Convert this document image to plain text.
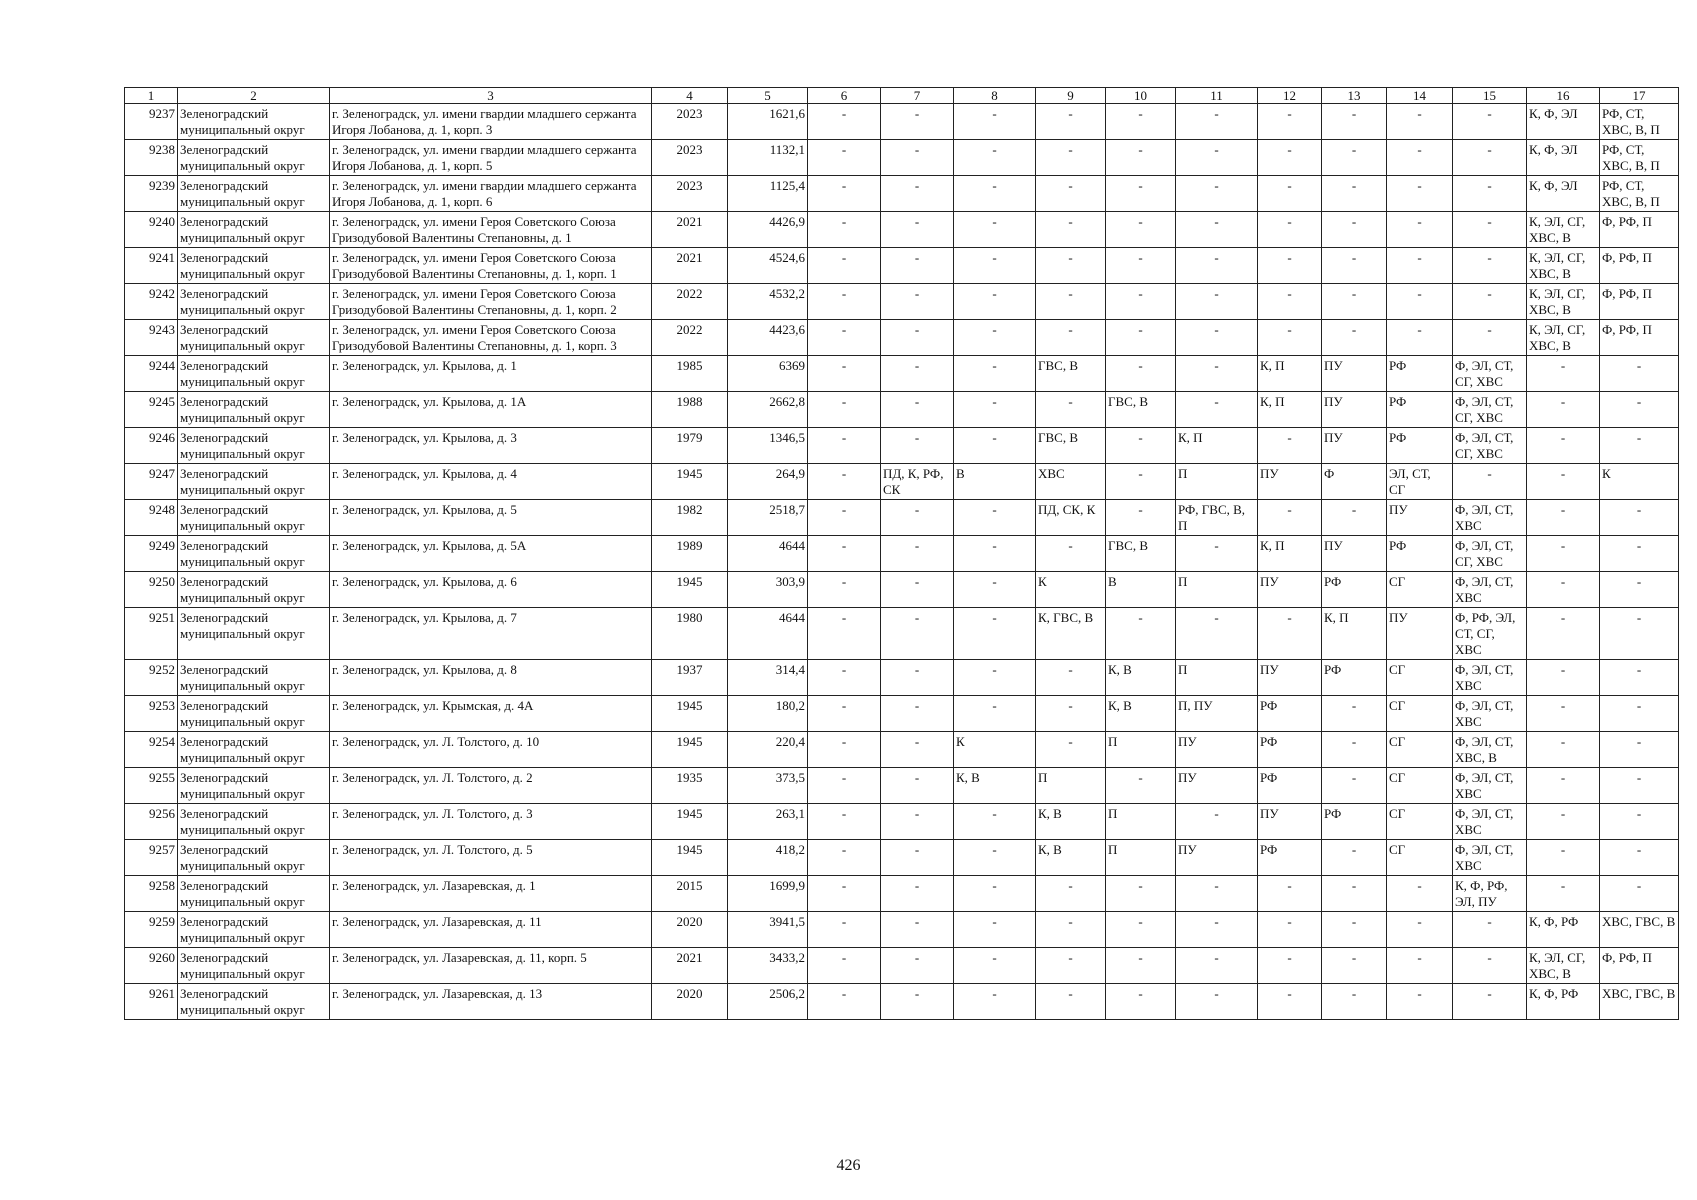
1	2	3	4	5	6	7	8	9	10	11	12	13	14	15	16	17
9237	Зеленоградский муниципальный округ	г. Зеленоградск, ул. имени гвардии младшего сержанта Игоря Лобанова, д. 1, корп. 3	2023	1621,6	-	-	-	-	-	-	-	-	-	-	К, Ф, ЭЛ	РФ, СТ, ХВС, В, П
9238	Зеленоградский муниципальный округ	г. Зеленоградск, ул. имени гвардии младшего сержанта Игоря Лобанова, д. 1, корп. 5	2023	1132,1	-	-	-	-	-	-	-	-	-	-	К, Ф, ЭЛ	РФ, СТ, ХВС, В, П
9239	Зеленоградский муниципальный округ	г. Зеленоградск, ул. имени гвардии младшего сержанта Игоря Лобанова, д. 1, корп. 6	2023	1125,4	-	-	-	-	-	-	-	-	-	-	К, Ф, ЭЛ	РФ, СТ, ХВС, В, П
9240	Зеленоградский муниципальный округ	г. Зеленоградск, ул. имени Героя Советского Союза Гризодубовой Валентины Степановны, д. 1	2021	4426,9	-	-	-	-	-	-	-	-	-	-	К, ЭЛ, СГ, ХВС, В	Ф, РФ, П
9241	Зеленоградский муниципальный округ	г. Зеленоградск, ул. имени Героя Советского Союза Гризодубовой Валентины Степановны, д. 1, корп. 1	2021	4524,6	-	-	-	-	-	-	-	-	-	-	К, ЭЛ, СГ, ХВС, В	Ф, РФ, П
9242	Зеленоградский муниципальный округ	г. Зеленоградск, ул. имени Героя Советского Союза Гризодубовой Валентины Степановны, д. 1, корп. 2	2022	4532,2	-	-	-	-	-	-	-	-	-	-	К, ЭЛ, СГ, ХВС, В	Ф, РФ, П
9243	Зеленоградский муниципальный округ	г. Зеленоградск, ул. имени Героя Советского Союза Гризодубовой Валентины Степановны, д. 1, корп. 3	2022	4423,6	-	-	-	-	-	-	-	-	-	-	К, ЭЛ, СГ, ХВС, В	Ф, РФ, П
9244	Зеленоградский муниципальный округ	г. Зеленоградск, ул. Крылова, д. 1	1985	6369	-	-	-	ГВС, В	-	-	К, П	ПУ	РФ	Ф, ЭЛ, СТ, СГ, ХВС	-	-
9245	Зеленоградский муниципальный округ	г. Зеленоградск, ул. Крылова, д. 1А	1988	2662,8	-	-	-	-	ГВС, В	-	К, П	ПУ	РФ	Ф, ЭЛ, СТ, СГ, ХВС	-	-
9246	Зеленоградский муниципальный округ	г. Зеленоградск, ул. Крылова, д. 3	1979	1346,5	-	-	-	ГВС, В	-	К, П	-	ПУ	РФ	Ф, ЭЛ, СТ, СГ, ХВС	-	-
9247	Зеленоградский муниципальный округ	г. Зеленоградск, ул. Крылова, д. 4	1945	264,9	-	ПД, К, РФ, СК	В	ХВС	-	П	ПУ	Ф	ЭЛ, СТ, СГ	-	-	К
9248	Зеленоградский муниципальный округ	г. Зеленоградск, ул. Крылова, д. 5	1982	2518,7	-	-	-	ПД, СК, К	-	РФ, ГВС, В, П	-	-	ПУ	Ф, ЭЛ, СТ, ХВС	-	-
9249	Зеленоградский муниципальный округ	г. Зеленоградск, ул. Крылова, д. 5А	1989	4644	-	-	-	-	ГВС, В	-	К, П	ПУ	РФ	Ф, ЭЛ, СТ, СГ, ХВС	-	-
9250	Зеленоградский муниципальный округ	г. Зеленоградск, ул. Крылова, д. 6	1945	303,9	-	-	-	К	В	П	ПУ	РФ	СГ	Ф, ЭЛ, СТ, ХВС	-	-
9251	Зеленоградский муниципальный округ	г. Зеленоградск, ул. Крылова, д. 7	1980	4644	-	-	-	К, ГВС, В	-	-	-	К, П	ПУ	Ф, РФ, ЭЛ, СТ, СГ, ХВС	-	-
9252	Зеленоградский муниципальный округ	г. Зеленоградск, ул. Крылова, д. 8	1937	314,4	-	-	-	-	К, В	П	ПУ	РФ	СГ	Ф, ЭЛ, СТ, ХВС	-	-
9253	Зеленоградский муниципальный округ	г. Зеленоградск, ул. Крымская, д. 4А	1945	180,2	-	-	-	-	К, В	П, ПУ	РФ	-	СГ	Ф, ЭЛ, СТ, ХВС	-	-
9254	Зеленоградский муниципальный округ	г. Зеленоградск, ул. Л. Толстого, д. 10	1945	220,4	-	-	К	-	П	ПУ	РФ	-	СГ	Ф, ЭЛ, СТ, ХВС, В	-	-
9255	Зеленоградский муниципальный округ	г. Зеленоградск, ул. Л. Толстого, д. 2	1935	373,5	-	-	К, В	П	-	ПУ	РФ	-	СГ	Ф, ЭЛ, СТ, ХВС	-	-
9256	Зеленоградский муниципальный округ	г. Зеленоградск, ул. Л. Толстого, д. 3	1945	263,1	-	-	-	К, В	П	-	ПУ	РФ	СГ	Ф, ЭЛ, СТ, ХВС	-	-
9257	Зеленоградский муниципальный округ	г. Зеленоградск, ул. Л. Толстого, д. 5	1945	418,2	-	-	-	К, В	П	ПУ	РФ	-	СГ	Ф, ЭЛ, СТ, ХВС	-	-
9258	Зеленоградский муниципальный округ	г. Зеленоградск, ул. Лазаревская, д. 1	2015	1699,9	-	-	-	-	-	-	-	-	-	К, Ф, РФ, ЭЛ, ПУ	-	-
9259	Зеленоградский муниципальный округ	г. Зеленоградск, ул. Лазаревская, д. 11	2020	3941,5	-	-	-	-	-	-	-	-	-	-	К, Ф, РФ	ХВС, ГВС, В
9260	Зеленоградский муниципальный округ	г. Зеленоградск, ул. Лазаревская, д. 11, корп. 5	2021	3433,2	-	-	-	-	-	-	-	-	-	-	К, ЭЛ, СГ, ХВС, В	Ф, РФ, П
9261	Зеленоградский муниципальный округ	г. Зеленоградск, ул. Лазаревская, д. 13	2020	2506,2	-	-	-	-	-	-	-	-	-	-	К, Ф, РФ	ХВС, ГВС, В
426
